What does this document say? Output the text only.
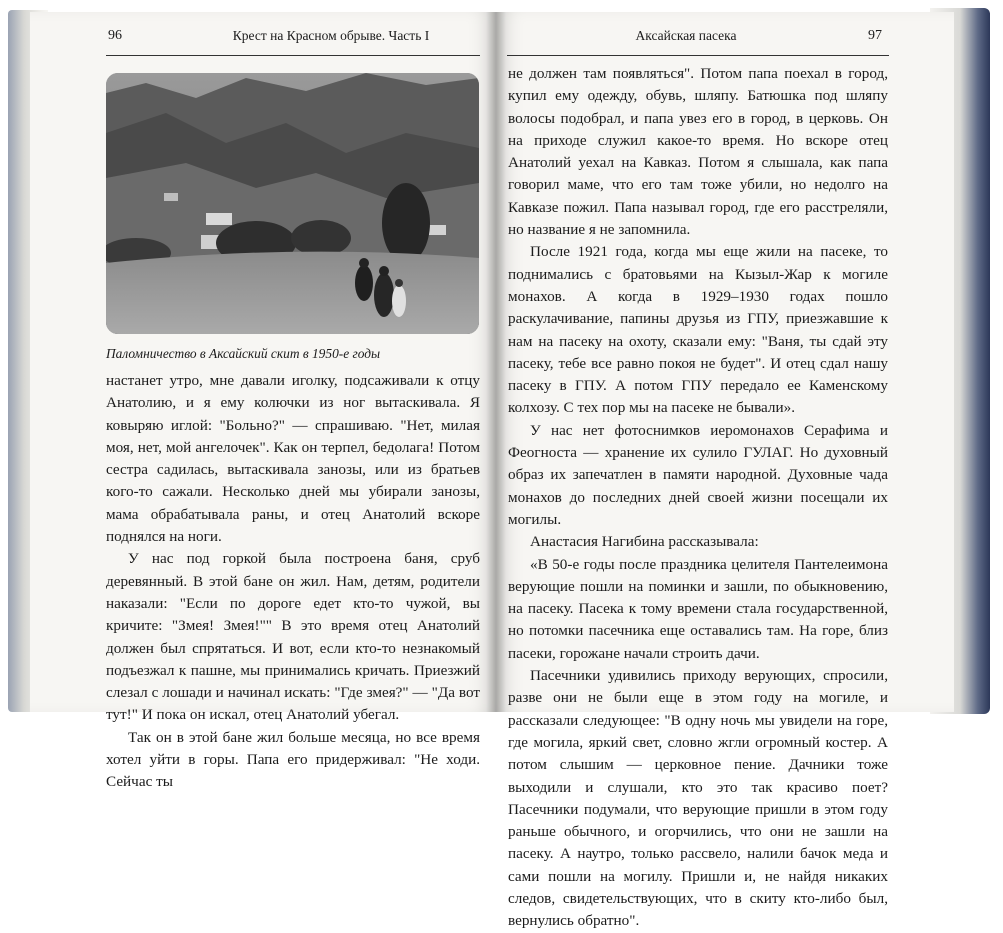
96	Крест на Красном обрыве. Часть I
Паломничество в Аксайский скит в 1950-е годы

настанет утро, мне давали иголку, подсаживали к отцу Анатолию, и я ему колючки из ног вытаскивала. Я ковыряю иглой: "Больно?" — спрашиваю. "Нет, милая моя, нет, мой ангелочек". Как он терпел, бедолага! Потом сестра садилась, вытаскивала занозы, или из братьев кого-то сажали. Несколько дней мы убирали занозы, мама обрабатывала раны, и отец Анатолий вскоре поднялся на ноги.

У нас под горкой была построена баня, сруб деревянный. В этой бане он жил. Нам, детям, родители наказали: "Если по дороге едет кто-то чужой, вы кричите: "Змея! Змея!"" В это время отец Анатолий должен был спрятаться. И вот, если кто-то незнакомый подъезжал к пашне, мы принимались кричать. Приезжий слезал с лошади и начинал искать: "Где змея?" — "Да вот тут!" И пока он искал, отец Анатолий убегал.

Так он в этой бане жил больше месяца, но все время хотел уйти в горы. Папа его придерживал: "Не ходи. Сейчас ты

Аксайская пасека	97

не должен там появляться". Потом папа поехал в город, купил ему одежду, обувь, шляпу. Батюшка под шляпу волосы подобрал, и папа увез его в город, в церковь. Он на приходе служил какое-то время. Но вскоре отец Анатолий уехал на Кавказ. Потом я слышала, как папа говорил маме, что его там тоже убили, но недолго на Кавказе пожил. Папа называл город, где его расстреляли, но название я не запомнила.

После 1921 года, когда мы еще жили на пасеке, то поднимались с братовьями на Кызыл-Жар к могиле монахов. А когда в 1929–1930 годах пошло раскулачивание, папины друзья из ГПУ, приезжавшие к нам на пасеку на охоту, сказали ему: "Ваня, ты сдай эту пасеку, тебе все равно покоя не будет". И отец сдал нашу пасеку в ГПУ. А потом ГПУ передало ее Каменскому колхозу. С тех пор мы на пасеке не бывали».

У нас нет фотоснимков иеромонахов Серафима и Феогноста — хранение их сулило ГУЛАГ. Но духовный образ их запечатлен в памяти народной. Духовные чада монахов до последних дней своей жизни посещали их могилы.

Анастасия Нагибина рассказывала:

«В 50-е годы после праздника целителя Пантелеимона верующие пошли на поминки и зашли, по обыкновению, на пасеку. Пасека к тому времени стала государственной, но потомки пасечника еще оставались там. На горе, близ пасеки, горожане начали строить дачи.

Пасечники удивились приходу верующих, спросили, разве они не были еще в этом году на могиле, и рассказали следующее: "В одну ночь мы увидели на горе, где могила, яркий свет, словно жгли огромный костер. А потом слышим — церковное пение. Дачники тоже выходили и слушали, кто это так красиво поет? Пасечники подумали, что верующие пришли в этом году раньше обычного, и огорчились, что они не зашли на пасеку. А наутро, только рассвело, налили бачок меда и сами пошли на могилу. Пришли и, не найдя никаких следов, свидетельствующих, что в скиту кто-либо был, вернулись обратно".
